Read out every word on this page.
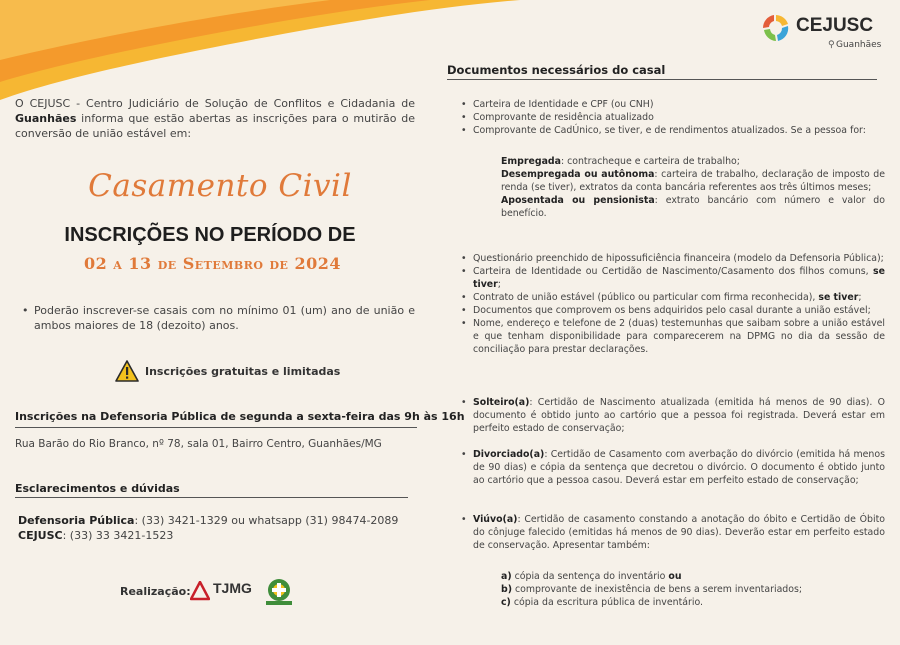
CEJUSC
⚲ Guanhães
O CEJUSC - Centro Judiciário de Solução de Conflitos e Cidadania de Guanhães informa que estão abertas as inscrições para o mutirão de conversão de união estável em:
Casamento Civil
INSCRIÇÕES NO PERÍODO DE
02 a 13 de Setembro de 2024
• Poderão inscrever-se casais com no mínimo 01 (um) ano de união e ambos maiores de 18 (dezoito) anos.
Inscrições gratuitas e limitadas
Inscrições na Defensoria Pública de segunda a sexta-feira das 9h às 16h
Rua Barão do Rio Branco, nº 78, sala 01, Bairro Centro, Guanhães/MG
Esclarecimentos e dúvidas
Defensoria Pública: (33) 3421-1329 ou whatsapp (31) 98474-2089
CEJUSC: (33) 33 3421-1523
Realização: TJMG
Documentos necessários do casal
• Carteira de Identidade e CPF (ou CNH)
• Comprovante de residência atualizado
• Comprovante de CadÚnico, se tiver, e de rendimentos atualizados. Se a pessoa for:
Empregada: contracheque e carteira de trabalho;
Desempregada ou autônoma: carteira de trabalho, declaração de imposto de renda (se tiver), extratos da conta bancária referentes aos três últimos meses;
Aposentada ou pensionista: extrato bancário com número e valor do benefício.
• Questionário preenchido de hipossuficiência financeira (modelo da Defensoria Pública);
• Carteira de Identidade ou Certidão de Nascimento/Casamento dos filhos comuns, se tiver;
• Contrato de união estável (público ou particular com firma reconhecida), se tiver;
• Documentos que comprovem os bens adquiridos pelo casal durante a união estável;
• Nome, endereço e telefone de 2 (duas) testemunhas que saibam sobre a união estável e que tenham disponibilidade para comparecerem na DPMG no dia da sessão de conciliação para prestar declarações.
• Solteiro(a): Certidão de Nascimento atualizada (emitida há menos de 90 dias). O documento é obtido junto ao cartório que a pessoa foi registrada. Deverá estar em perfeito estado de conservação;
• Divorciado(a): Certidão de Casamento com averbação do divórcio (emitida há menos de 90 dias) e cópia da sentença que decretou o divórcio. O documento é obtido junto ao cartório que a pessoa casou. Deverá estar em perfeito estado de conservação;
• Viúvo(a): Certidão de casamento constando a anotação do óbito e Certidão de Óbito do cônjuge falecido (emitidas há menos de 90 dias). Deverão estar em perfeito estado de conservação. Apresentar também:
a) cópia da sentença do inventário ou
b) comprovante de inexistência de bens a serem inventariados;
c) cópia da escritura pública de inventário.
